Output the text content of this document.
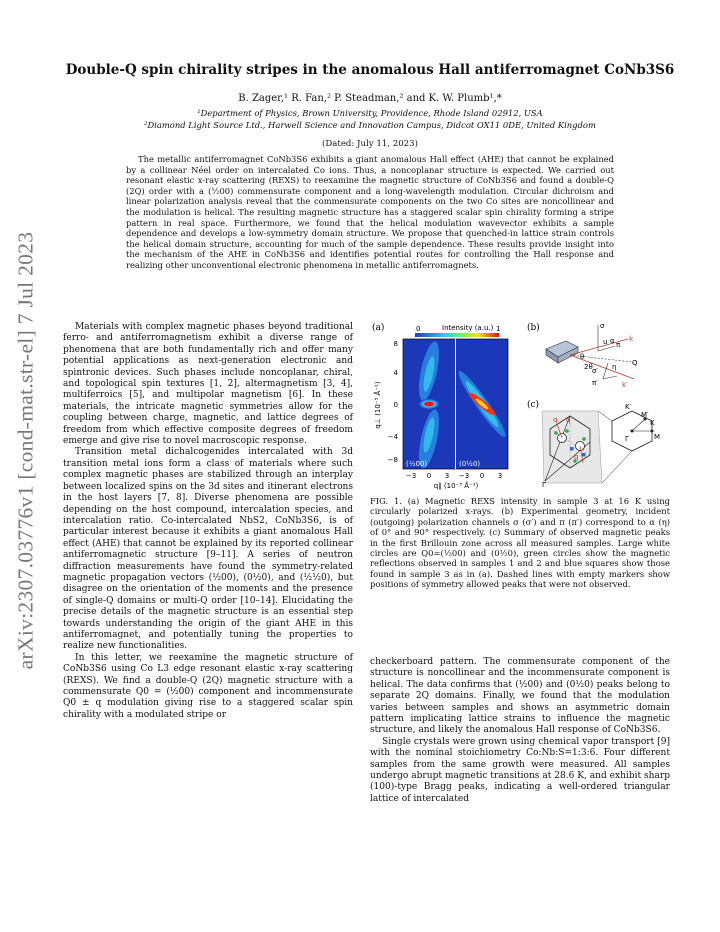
arXiv:2307.03776v1 [cond-mat.str-el] 7 Jul 2023
Double-Q spin chirality stripes in the anomalous Hall antiferromagnet CoNb3S6
B. Zager,¹ R. Fan,² P. Steadman,² and K. W. Plumb¹,*
¹Department of Physics, Brown University, Providence, Rhode Island 02912, USA
²Diamond Light Source Ltd., Harwell Science and Innovation Campus, Didcot OX11 0DE, United Kingdom
(Dated: July 11, 2023)
The metallic antiferromagnet CoNb3S6 exhibits a giant anomalous Hall effect (AHE) that cannot be explained by a collinear Néel order on intercalated Co ions. Thus, a noncoplanar structure is expected. We carried out resonant elastic x-ray scattering (REXS) to reexamine the magnetic structure of CoNb3S6 and found a double-Q (2Q) order with a (½00) commensurate component and a long-wavelength modulation. Circular dichroism and linear polarization analysis reveal that the commensurate components on the two Co sites are noncollinear and the modulation is helical. The resulting magnetic structure has a staggered scalar spin chirality forming a stripe pattern in real space. Furthermore, we found that the helical modulation wavevector exhibits a sample dependence and develops a low-symmetry domain structure. We propose that quenched-in lattice strain controls the helical domain structure, accounting for much of the sample dependence. These results provide insight into the mechanism of the AHE in CoNb3S6 and identifies potential routes for controlling the Hall response and realizing other unconventional electronic phenomena in metallic antiferromagnets.

Materials with complex magnetic phases beyond traditional ferro- and antiferromagnetism exhibit a diverse range of phenomena that are both fundamentally rich and offer many potential applications as next-generation electronic and spintronic devices. Such phases include noncoplanar, chiral, and topological spin textures [1, 2], altermagnetism [3, 4], multiferroics [5], and multipolar magnetism [6]. In these materials, the intricate magnetic symmetries allow for the coupling between charge, magnetic, and lattice degrees of freedom from which effective composite degrees of freedom emerge and give rise to novel macroscopic response.

Transition metal dichalcogenides intercalated with 3d transition metal ions form a class of materials where such complex magnetic phases are stabilized through an interplay between localized spins on the 3d sites and itinerant electrons in the host layers [7, 8]. Diverse phenomena are possible depending on the host compound, intercalation species, and intercalation ratio. Co-intercalated NbS2, CoNb3S6, is of particular interest because it exhibits a giant anomalous Hall effect (AHE) that cannot be explained by its reported collinear antiferromagnetic structure [9–11]. A series of neutron diffraction measurements have found the symmetry-related magnetic propagation vectors (½00), (0½0), and (½½0), but disagree on the orientation of the moments and the presence of single-Q domains or multi-Q order [10–14]. Elucidating the precise details of the magnetic structure is an essential step towards understanding the origin of the giant AHE in this antiferromagnet, and potentially tuning the properties to realize new functionalities.

In this letter, we reexamine the magnetic structure of CoNb3S6 using Co L3 edge resonant elastic x-ray scattering (REXS). We find a double-Q (2Q) magnetic structure with a commensurate Q0 = (½00) component and incommensurate Q0 ± q modulation giving rise to a staggered scalar spin chirality with a modulated stripe or

checkerboard pattern. The commensurate component of the structure is noncollinear and the incommensurate component is helical. The data confirms that (½00) and (0½0) peaks belong to separate 2Q domains. Finally, we found that the modulation varies between samples and shows an asymmetric domain pattern implicating lattice strains to influence the magnetic structure, and likely the anomalous Hall response of CoNb3S6.

Single crystals were grown using chemical vapor transport [9] with the nominal stoichiometry Co:Nb:S=1:3:6. Four different samples from the same growth were measured. All samples undergo abrupt magnetic transitions at 28.6 K, and exhibit sharp (100)-type Bragg peaks, indicating a well-ordered triangular lattice of intercalated

(a)	(b)
(c)
Intensity (a.u.)
0	1
(½00)	(0½0)
8
4
0
−4
−8
q⊥ (10⁻³ Å⁻¹)
−3 0 3 −3 0 3
q∥ (10⁻³ Å⁻¹)
σ
α
u	k
Q
θ
2θ	η
σ′
π′	k′
π
q q
q
Γ
K′
M′
K
M
Γ
FIG. 1. (a) Magnetic REXS intensity in sample 3 at 16 K using circularly polarized x-rays. (b) Experimental geometry, incident (outgoing) polarization channels σ (σ′) and π (π′) correspond to α (η) of 0° and 90° respectively. (c) Summary of observed magnetic peaks in the first Brillouin zone across all measured samples. Large white circles are Q0=(½00) and (0½0), green circles show the magnetic reflections observed in samples 1 and 2 and blue squares show those found in sample 3 as in (a). Dashed lines with empty markers show positions of symmetry allowed peaks that were not observed.
